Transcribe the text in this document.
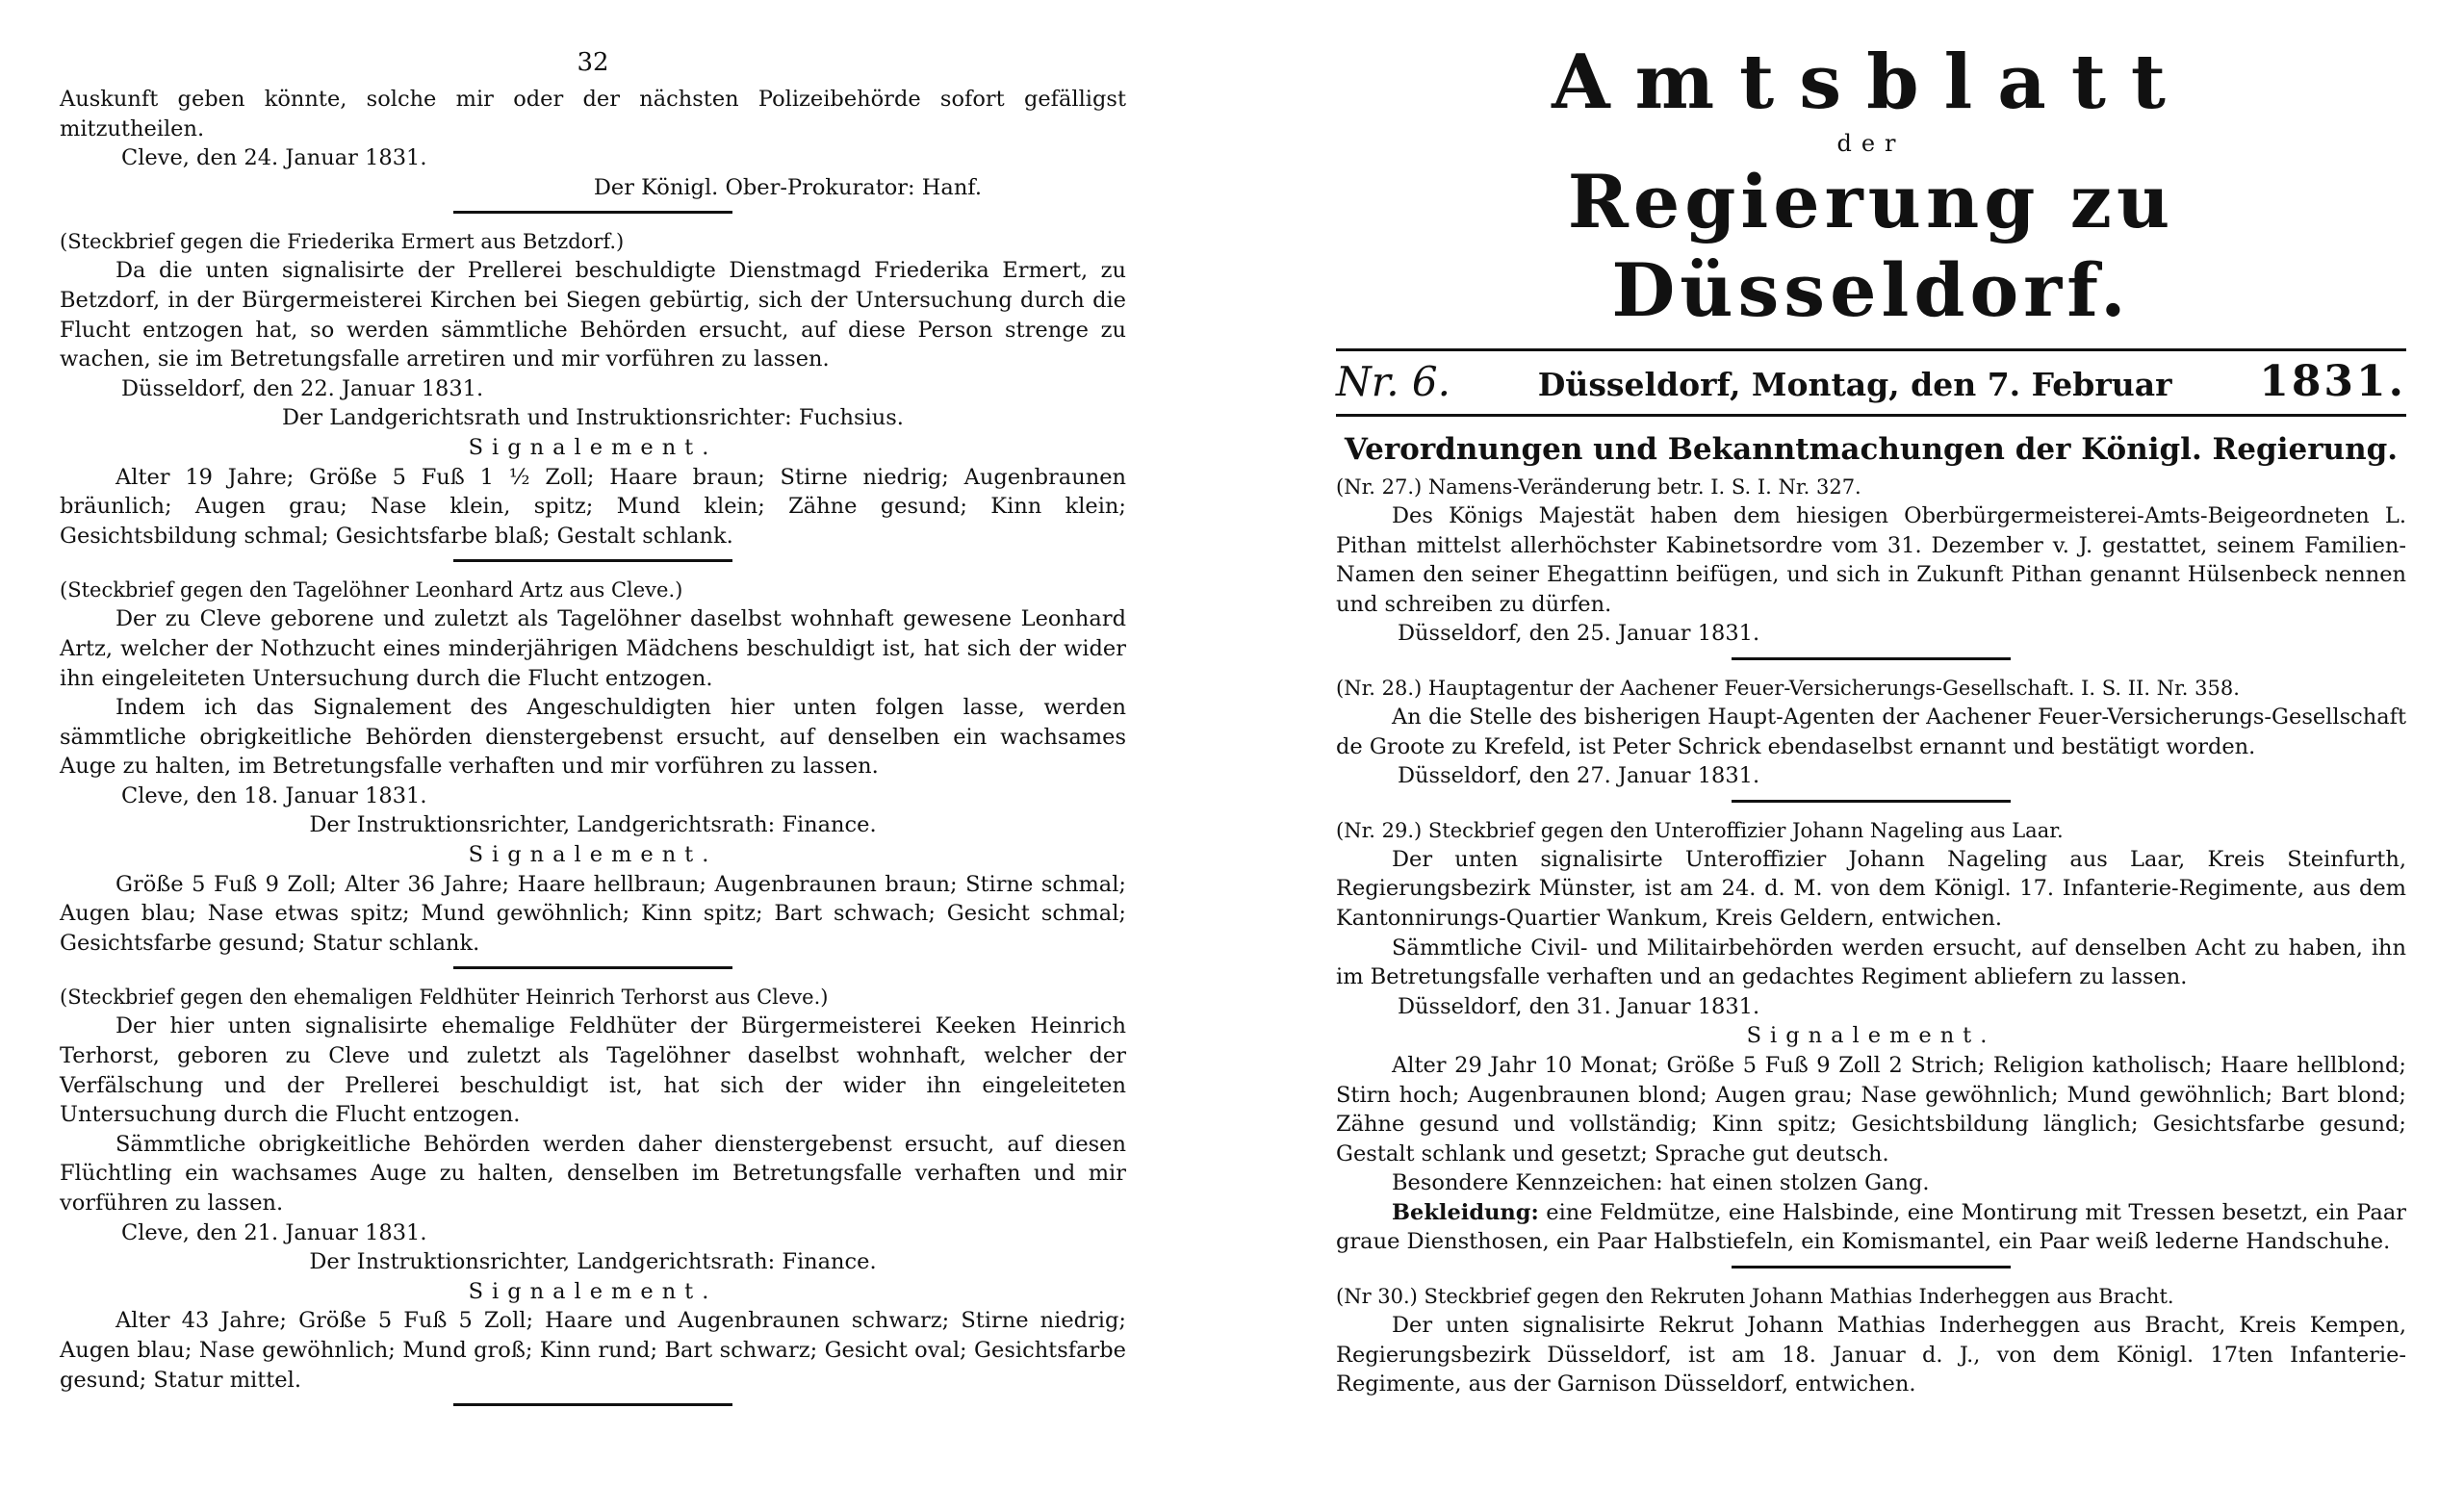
32

Auskunft geben könnte, solche mir oder der nächsten Polizeibehörde sofort gefälligst mitzutheilen.

Cleve, den 24. Januar 1831.

Der Königl. Ober-Prokurator: Hanf.

(Steckbrief gegen die Friederika Ermert aus Betzdorf.)

Da die unten signalisirte der Prellerei beschuldigte Dienstmagd Friederika Ermert, zu Betzdorf, in der Bürgermeisterei Kirchen bei Siegen gebürtig, sich der Untersuchung durch die Flucht entzogen hat, so werden sämmtliche Behörden ersucht, auf diese Person strenge zu wachen, sie im Betretungsfalle arretiren und mir vorführen zu lassen.

Düsseldorf, den 22. Januar 1831.

Der Landgerichtsrath und Instruktionsrichter: Fuchsius.

Signalement.

Alter 19 Jahre; Größe 5 Fuß 1 ½ Zoll; Haare braun; Stirne niedrig; Augenbraunen bräunlich; Augen grau; Nase klein, spitz; Mund klein; Zähne gesund; Kinn klein; Gesichtsbildung schmal; Gesichtsfarbe blaß; Gestalt schlank.

(Steckbrief gegen den Tagelöhner Leonhard Artz aus Cleve.)

Der zu Cleve geborene und zuletzt als Tagelöhner daselbst wohnhaft gewesene Leonhard Artz, welcher der Nothzucht eines minderjährigen Mädchens beschuldigt ist, hat sich der wider ihn eingeleiteten Untersuchung durch die Flucht entzogen.

Indem ich das Signalement des Angeschuldigten hier unten folgen lasse, werden sämmtliche obrigkeitliche Behörden dienstergebenst ersucht, auf denselben ein wachsames Auge zu halten, im Betretungsfalle verhaften und mir vorführen zu lassen.

Cleve, den 18. Januar 1831.

Der Instruktionsrichter, Landgerichtsrath: Finance.

Signalement.

Größe 5 Fuß 9 Zoll; Alter 36 Jahre; Haare hellbraun; Augenbraunen braun; Stirne schmal; Augen blau; Nase etwas spitz; Mund gewöhnlich; Kinn spitz; Bart schwach; Gesicht schmal; Gesichtsfarbe gesund; Statur schlank.

(Steckbrief gegen den ehemaligen Feldhüter Heinrich Terhorst aus Cleve.)

Der hier unten signalisirte ehemalige Feldhüter der Bürgermeisterei Keeken Heinrich Terhorst, geboren zu Cleve und zuletzt als Tagelöhner daselbst wohnhaft, welcher der Verfälschung und der Prellerei beschuldigt ist, hat sich der wider ihn eingeleiteten Untersuchung durch die Flucht entzogen.

Sämmtliche obrigkeitliche Behörden werden daher dienstergebenst ersucht, auf diesen Flüchtling ein wachsames Auge zu halten, denselben im Betretungsfalle verhaften und mir vorführen zu lassen.

Cleve, den 21. Januar 1831.

Der Instruktionsrichter, Landgerichtsrath: Finance.

Signalement.

Alter 43 Jahre; Größe 5 Fuß 5 Zoll; Haare und Augenbraunen schwarz; Stirne niedrig; Augen blau; Nase gewöhnlich; Mund groß; Kinn rund; Bart schwarz; Gesicht oval; Gesichtsfarbe gesund; Statur mittel.

Amtsblatt
der
Regierung zu Düsseldorf.
Nr. 6.	Düsseldorf, Montag, den 7. Februar 1831.
Verordnungen und Bekanntmachungen der Königl. Regierung.

(Nr. 27.) Namens-Veränderung betr. I. S. I. Nr. 327.

Des Königs Majestät haben dem hiesigen Oberbürgermeisterei-Amts-Beigeordneten L. Pithan mittelst allerhöchster Kabinetsordre vom 31. Dezember v. J. gestattet, seinem Familien-Namen den seiner Ehegattinn beifügen, und sich in Zukunft Pithan genannt Hülsenbeck nennen und schreiben zu dürfen.

Düsseldorf, den 25. Januar 1831.

(Nr. 28.) Hauptagentur der Aachener Feuer-Versicherungs-Gesellschaft. I. S. II. Nr. 358.

An die Stelle des bisherigen Haupt-Agenten der Aachener Feuer-Versicherungs-Gesellschaft de Groote zu Krefeld, ist Peter Schrick ebendaselbst ernannt und bestätigt worden.

Düsseldorf, den 27. Januar 1831.

(Nr. 29.) Steckbrief gegen den Unteroffizier Johann Nageling aus Laar.

Der unten signalisirte Unteroffizier Johann Nageling aus Laar, Kreis Steinfurth, Regierungsbezirk Münster, ist am 24. d. M. von dem Königl. 17. Infanterie-Regimente, aus dem Kantonnirungs-Quartier Wankum, Kreis Geldern, entwichen.

Sämmtliche Civil- und Militairbehörden werden ersucht, auf denselben Acht zu haben, ihn im Betretungsfalle verhaften und an gedachtes Regiment abliefern zu lassen.

Düsseldorf, den 31. Januar 1831.

Signalement.

Alter 29 Jahr 10 Monat; Größe 5 Fuß 9 Zoll 2 Strich; Religion katholisch; Haare hellblond; Stirn hoch; Augenbraunen blond; Augen grau; Nase gewöhnlich; Mund gewöhnlich; Bart blond; Zähne gesund und vollständig; Kinn spitz; Gesichtsbildung länglich; Gesichtsfarbe gesund; Gestalt schlank und gesetzt; Sprache gut deutsch.

Besondere Kennzeichen: hat einen stolzen Gang.

Bekleidung: eine Feldmütze, eine Halsbinde, eine Montirung mit Tressen besetzt, ein Paar graue Diensthosen, ein Paar Halbstiefeln, ein Komismantel, ein Paar weiß lederne Handschuhe.

(Nr 30.) Steckbrief gegen den Rekruten Johann Mathias Inderheggen aus Bracht.

Der unten signalisirte Rekrut Johann Mathias Inderheggen aus Bracht, Kreis Kempen, Regierungsbezirk Düsseldorf, ist am 18. Januar d. J., von dem Königl. 17ten Infanterie-Regimente, aus der Garnison Düsseldorf, entwichen.
